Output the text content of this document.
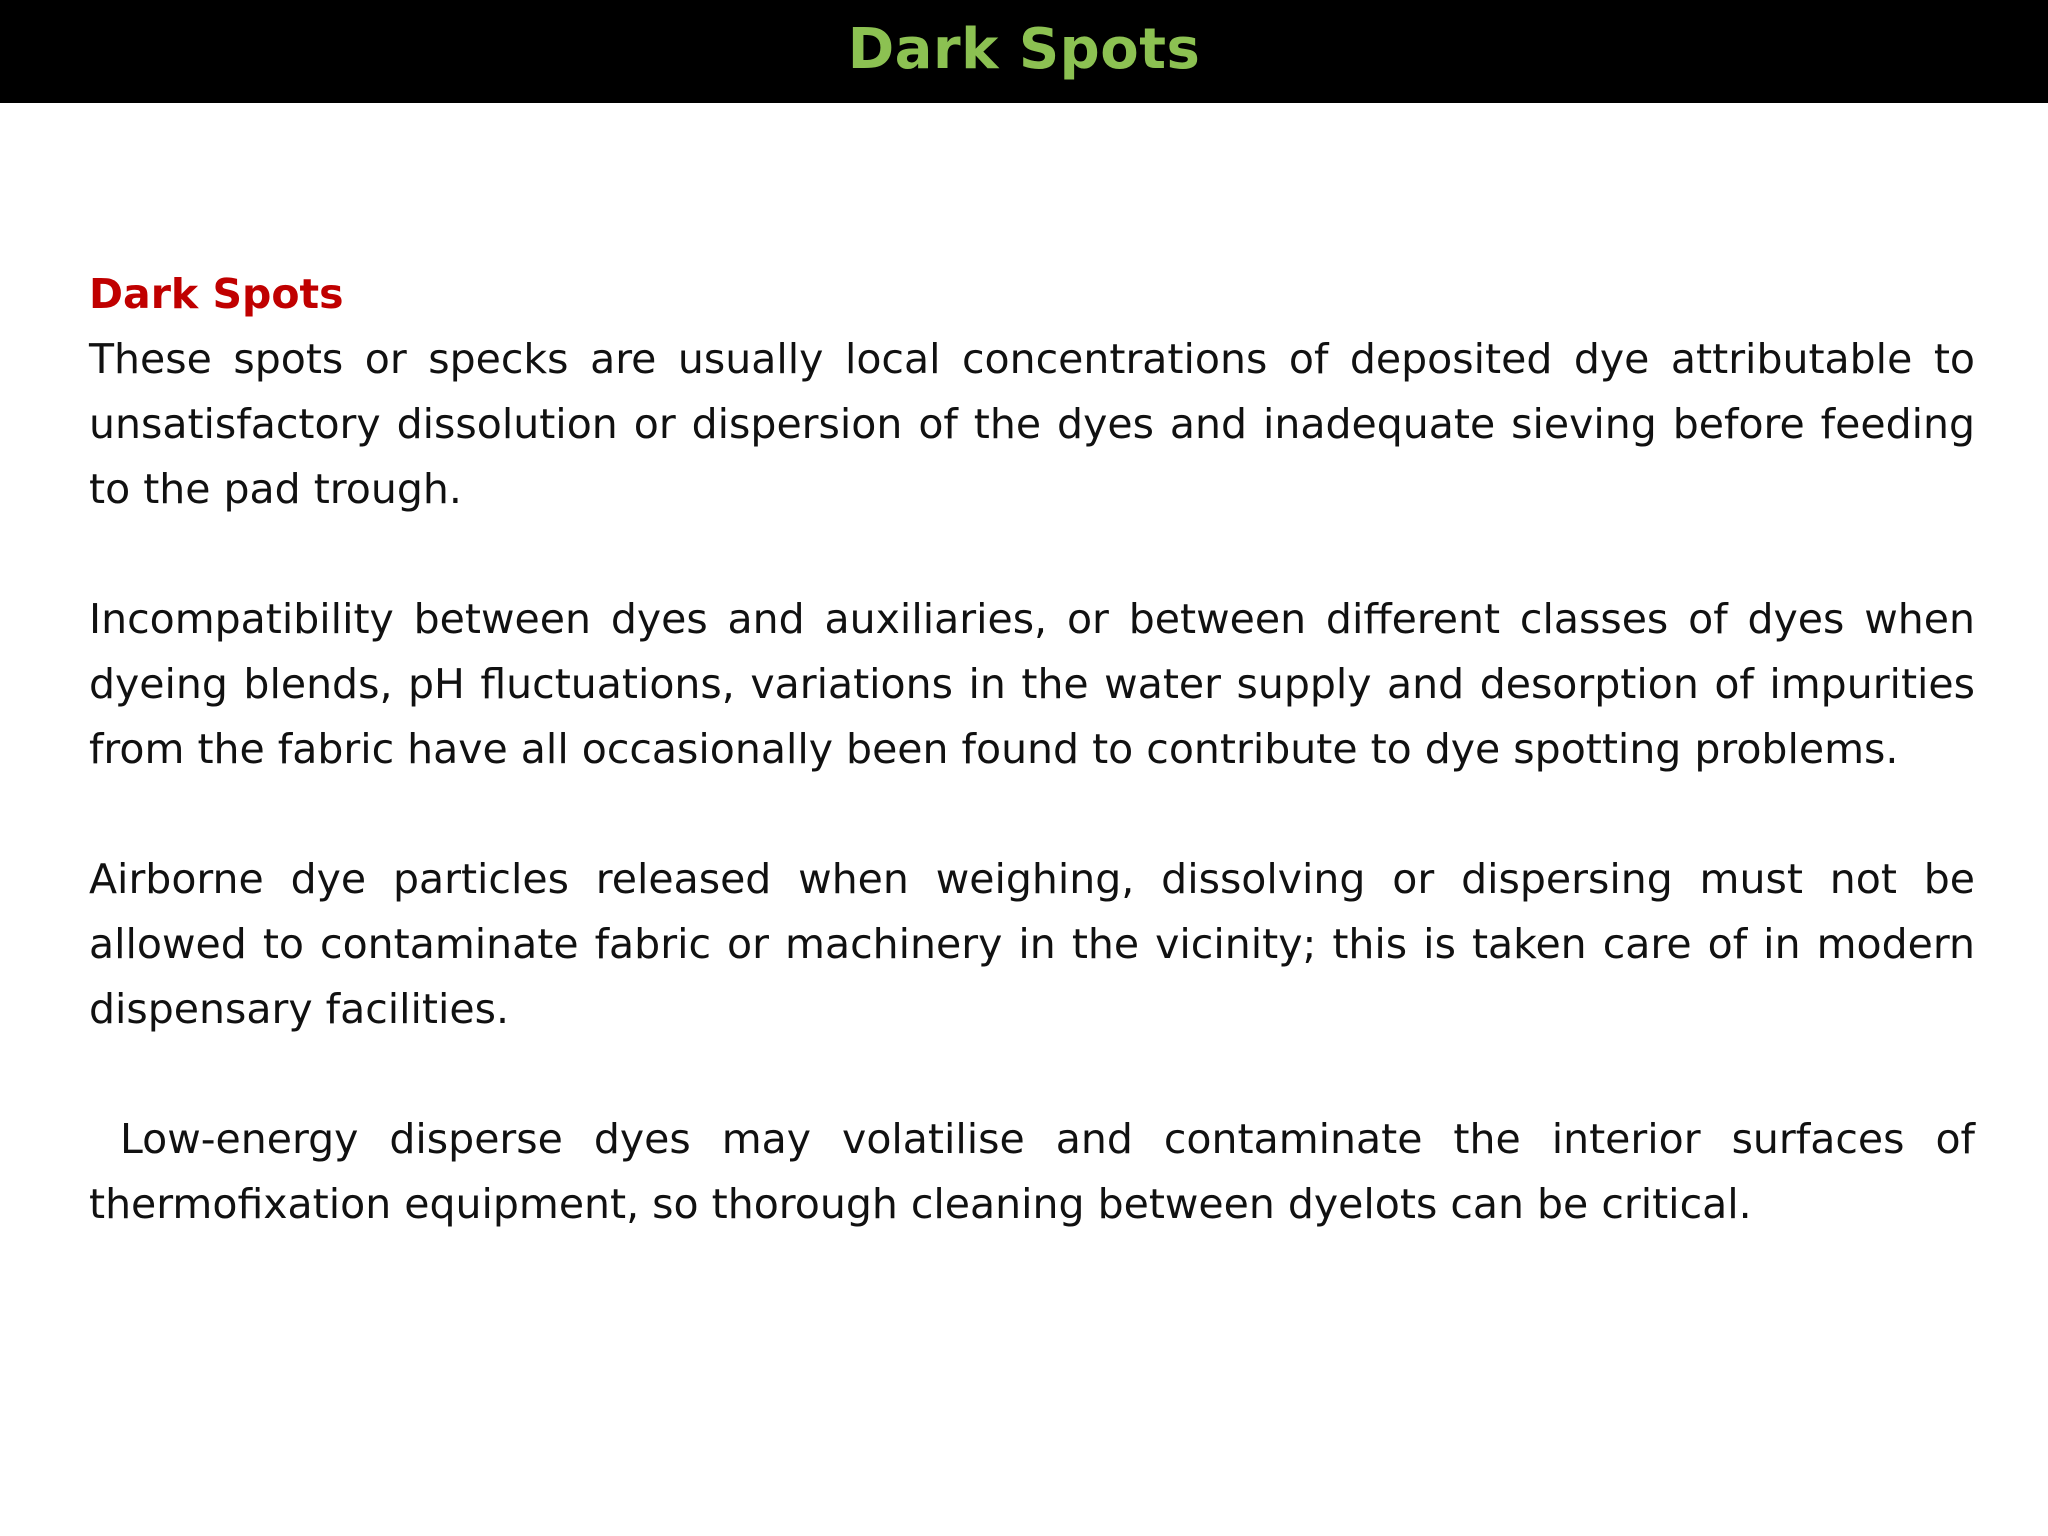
Dark Spots

Dark Spots

These spots or specks are usually local concentrations of deposited dye attributable to unsatisfactory dissolution or dispersion of the dyes and inadequate sieving before feeding to the pad trough.

Incompatibility between dyes and auxiliaries, or between different classes of dyes when dyeing blends, pH fluctuations, variations in the water supply and desorption of impurities from the fabric have all occasionally been found to contribute to dye spotting problems.

Airborne dye particles released when weighing, dissolving or dispersing must not be allowed to contaminate fabric or machinery in the vicinity; this is taken care of in modern dispensary facilities.

Low-energy disperse dyes may volatilise and contaminate the interior surfaces of thermofixation equipment, so thorough cleaning between dyelots can be critical.
